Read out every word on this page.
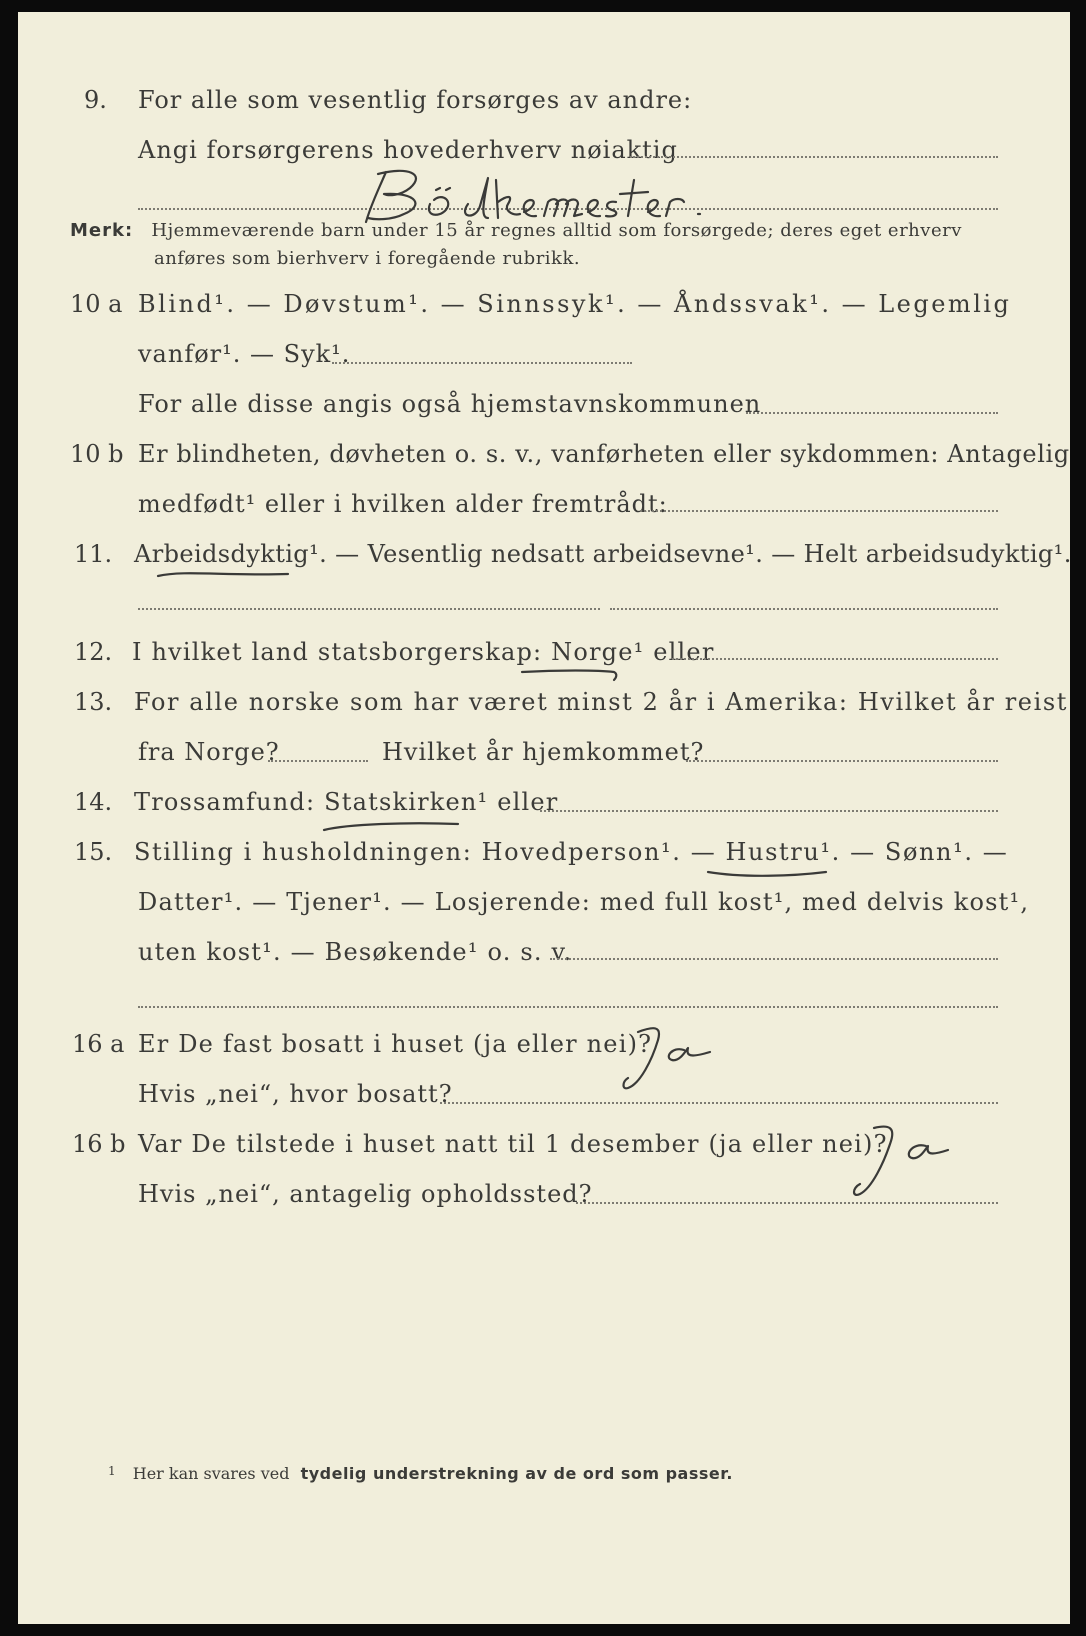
9. For alle som vesentlig forsørges av andre:
Angi forsørgerens hovederhverv nøiaktig
Merk: Hjemmeværende barn under 15 år regnes alltid som forsørgede; deres eget erhverv
anføres som bierhverv i foregående rubrikk.
10 a Blind¹. — Døvstum¹. — Sinnssyk¹. — Åndssvak¹. — Legemlig
vanfør¹. — Syk¹.
For alle disse angis også hjemstavnskommunen
10 b Er blindheten, døvheten o. s. v., vanførheten eller sykdommen: Antagelig
medfødt¹ eller i hvilken alder fremtrådt:
11. Arbeidsdyktig¹. — Vesentlig nedsatt arbeidsevne¹. — Helt arbeidsudyktig¹.
12. I hvilket land statsborgerskap: Norge¹ eller
13. For alle norske som har været minst 2 år i Amerika: Hvilket år reist
fra Norge?	Hvilket år hjemkommet?
14. Trossamfund: Statskirken¹ eller
15. Stilling i husholdningen: Hovedperson¹. — Hustru¹. — Sønn¹. —
Datter¹. — Tjener¹. — Losjerende: med full kost¹, med delvis kost¹,
uten kost¹. — Besøkende¹ o. s. v.
16 a Er De fast bosatt i huset (ja eller nei)?
Hvis „nei“, hvor bosatt?
16 b Var De tilstede i huset natt til 1 desember (ja eller nei)?
Hvis „nei“, antagelig opholdssted?
$^1$ Her kan svares ved tydelig understrekning av de ord som passer.
